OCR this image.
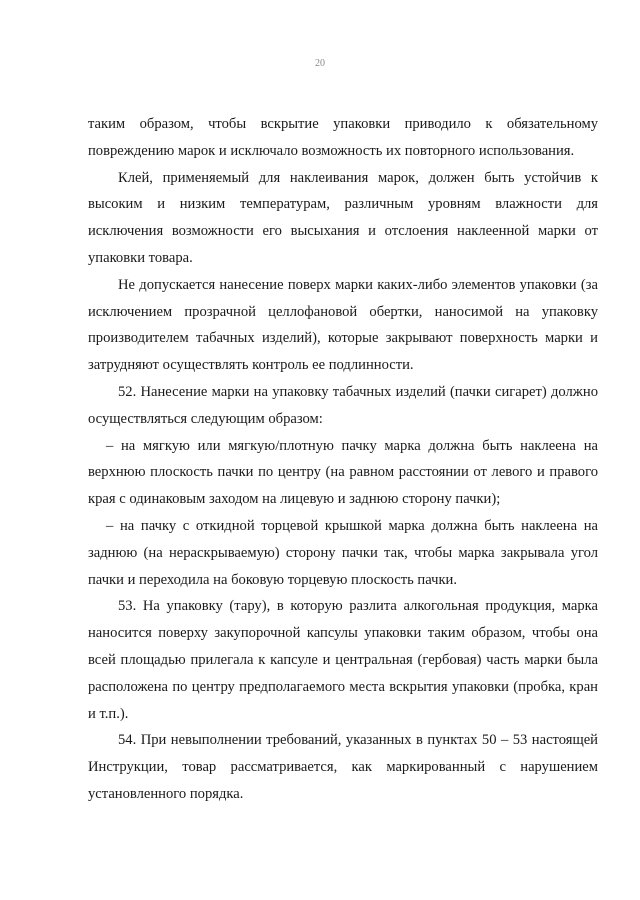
20

таким образом, чтобы вскрытие упаковки приводило к обязательному повреждению марок и исключало возможность их повторного использования.

Клей, применяемый для наклеивания марок, должен быть устойчив к высоким и низким температурам, различным уровням влажности для исключения возможности его высыхания и отслоения наклеенной марки от упаковки товара.

Не допускается нанесение поверх марки каких-либо элементов упаковки (за исключением прозрачной целлофановой обертки, наносимой на упаковку производителем табачных изделий), которые закрывают поверхность марки и затрудняют осуществлять контроль ее подлинности.

52. Нанесение марки на упаковку табачных изделий (пачки сигарет) должно осуществляться следующим образом:

– на мягкую или мягкую/плотную пачку марка должна быть наклеена на верхнюю плоскость пачки по центру (на равном расстоянии от левого и правого края с одинаковым заходом на лицевую и заднюю сторону пачки);

– на пачку с откидной торцевой крышкой марка должна быть наклеена на заднюю (на нераскрываемую) сторону пачки так, чтобы марка закрывала угол пачки и переходила на боковую торцевую плоскость пачки.

53. На упаковку (тару), в которую разлита алкогольная продукция, марка наносится поверху закупорочной капсулы упаковки таким образом, чтобы она всей площадью прилегала к капсуле и центральная (гербовая) часть марки была расположена по центру предполагаемого места вскрытия упаковки (пробка, кран и т.п.).

54. При невыполнении требований, указанных в пунктах 50 – 53 настоящей Инструкции, товар рассматривается, как маркированный с нарушением установленного порядка.
